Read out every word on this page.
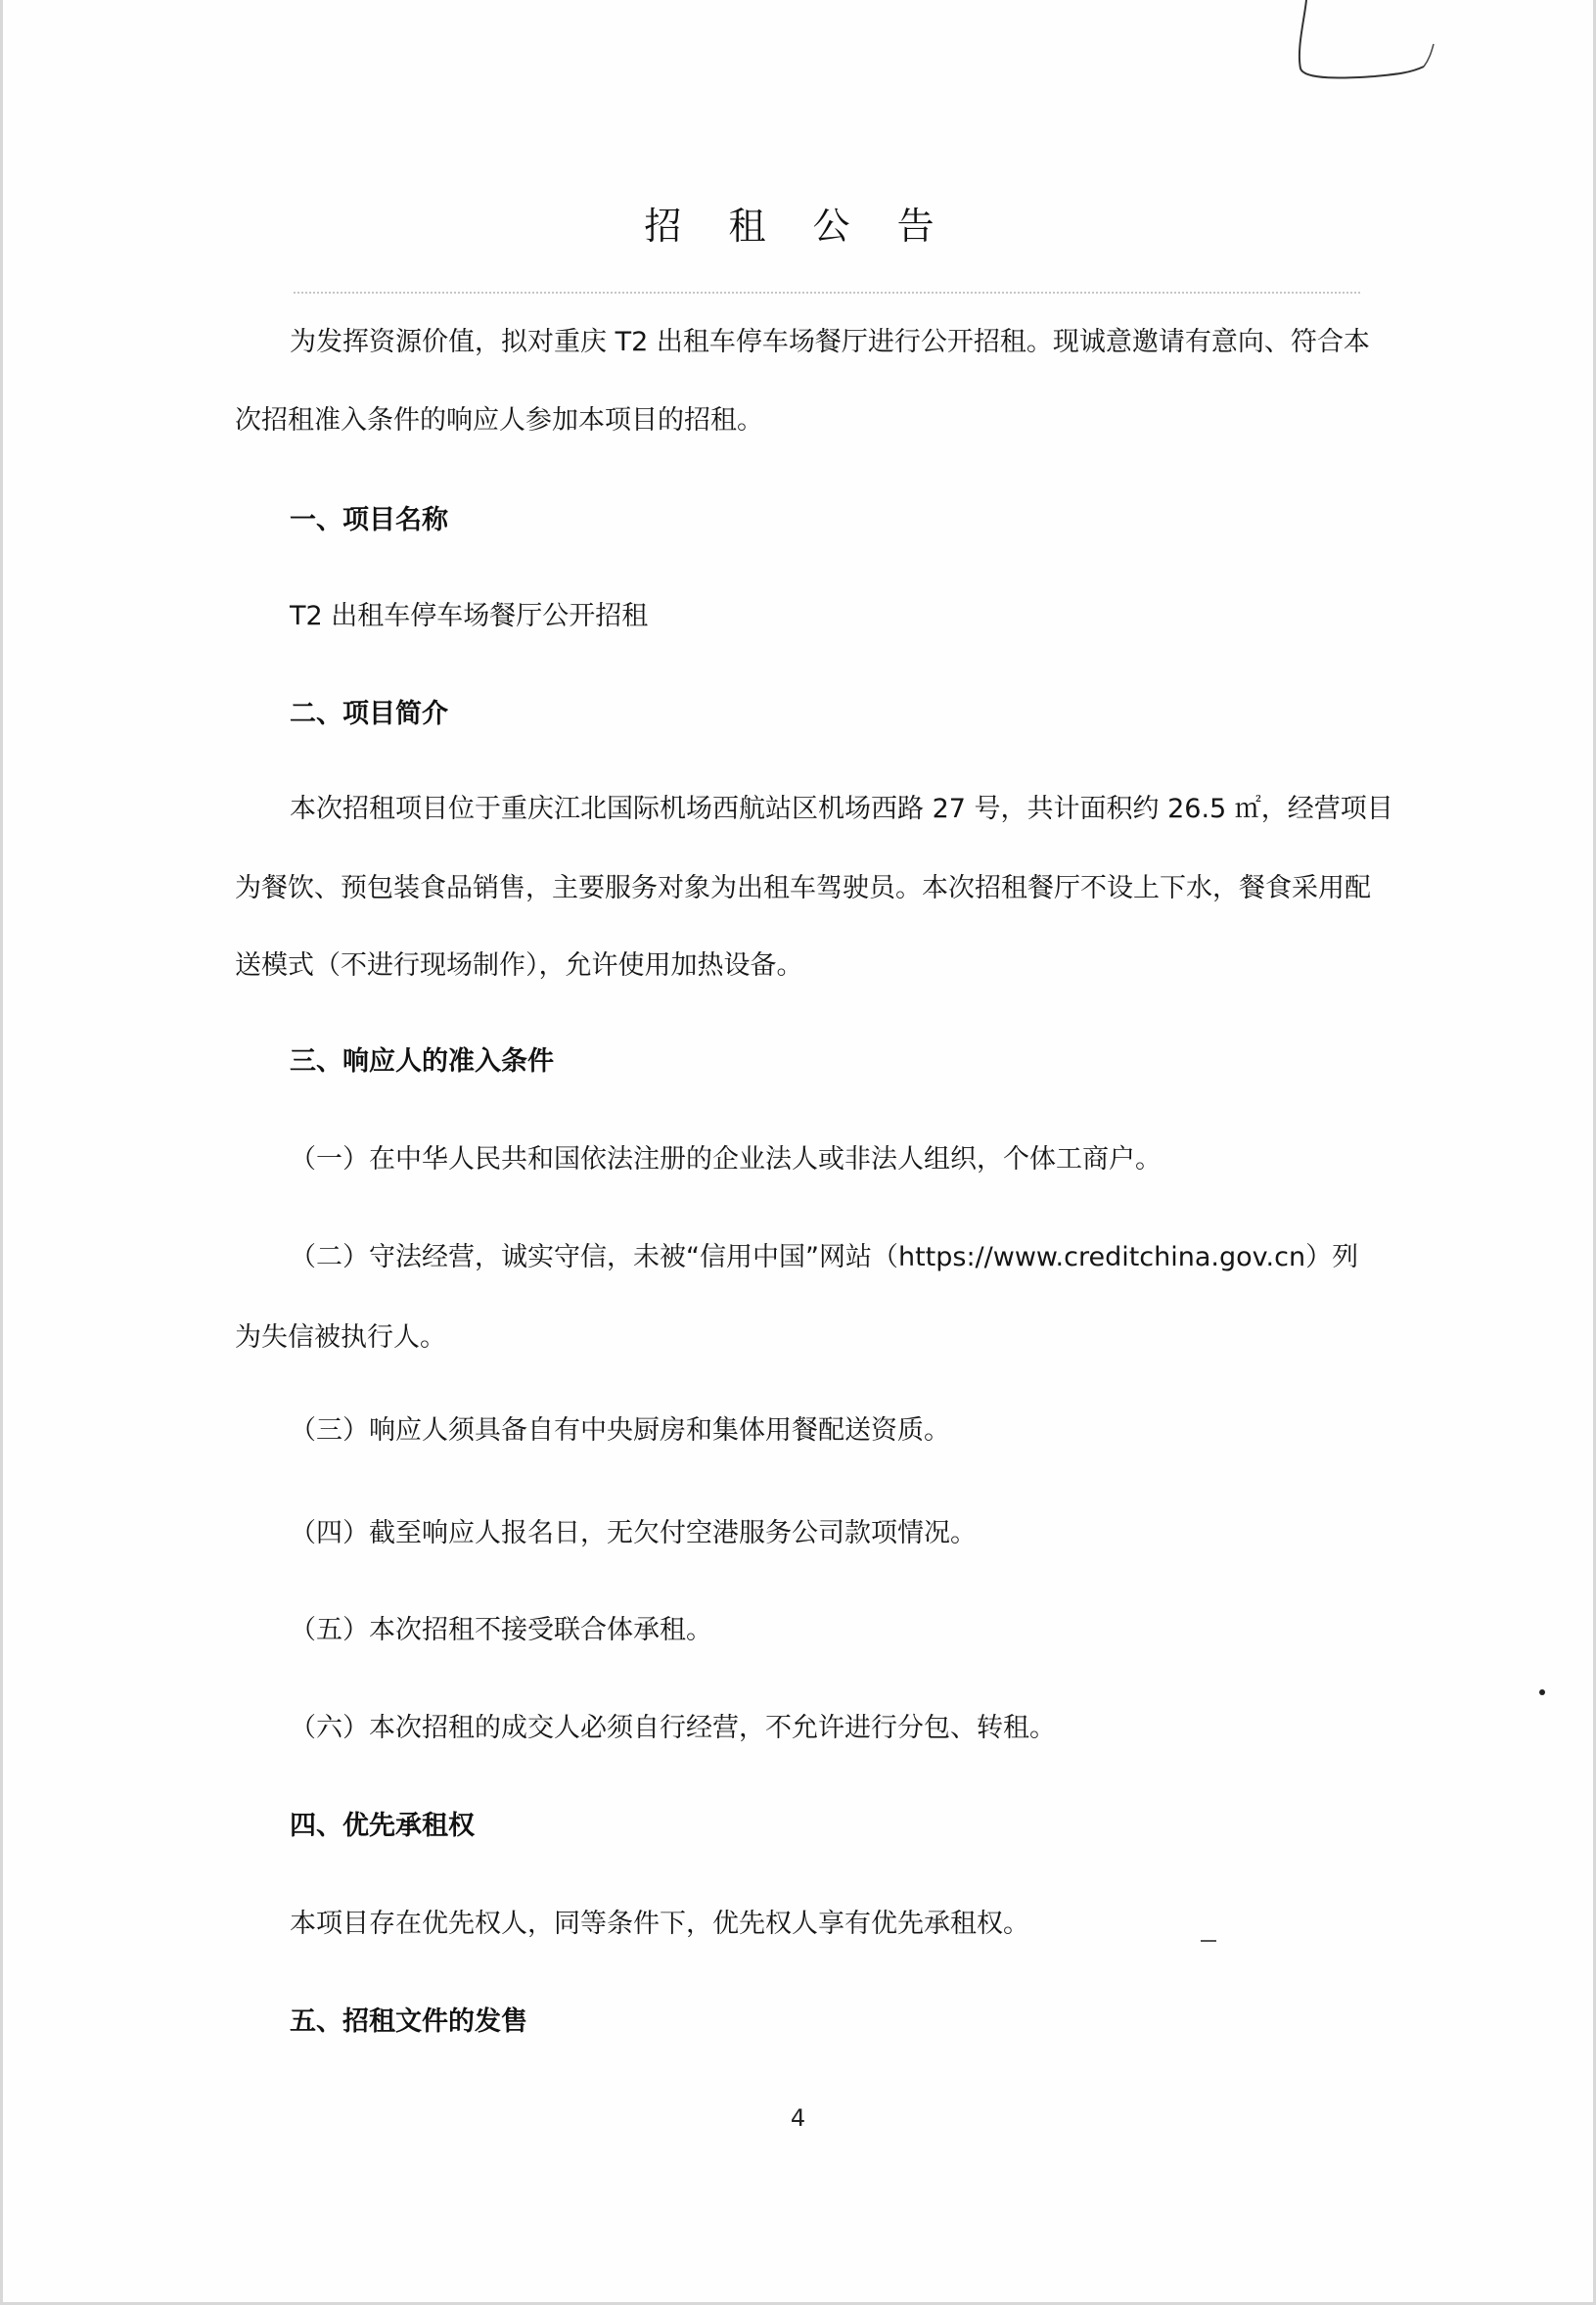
招 租 公 告
为发挥资源价值，拟对重庆 T2 出租车停车场餐厅进行公开招租。现诚意邀请有意向、符合本
次招租准入条件的响应人参加本项目的招租。
一、项目名称
T2 出租车停车场餐厅公开招租
二、项目简介
本次招租项目位于重庆江北国际机场西航站区机场西路 27 号，共计面积约 26.5 ㎡，经营项目
为餐饮、预包装食品销售，主要服务对象为出租车驾驶员。本次招租餐厅不设上下水，餐食采用配
送模式（不进行现场制作），允许使用加热设备。
三、响应人的准入条件
（一）在中华人民共和国依法注册的企业法人或非法人组织，个体工商户。
（二）守法经营，诚实守信，未被“信用中国”网站（https://www.creditchina.gov.cn）列
为失信被执行人。
（三）响应人须具备自有中央厨房和集体用餐配送资质。
（四）截至响应人报名日，无欠付空港服务公司款项情况。
（五）本次招租不接受联合体承租。
（六）本次招租的成交人必须自行经营，不允许进行分包、转租。
四、优先承租权
本项目存在优先权人，同等条件下，优先权人享有优先承租权。
五、招租文件的发售
4
